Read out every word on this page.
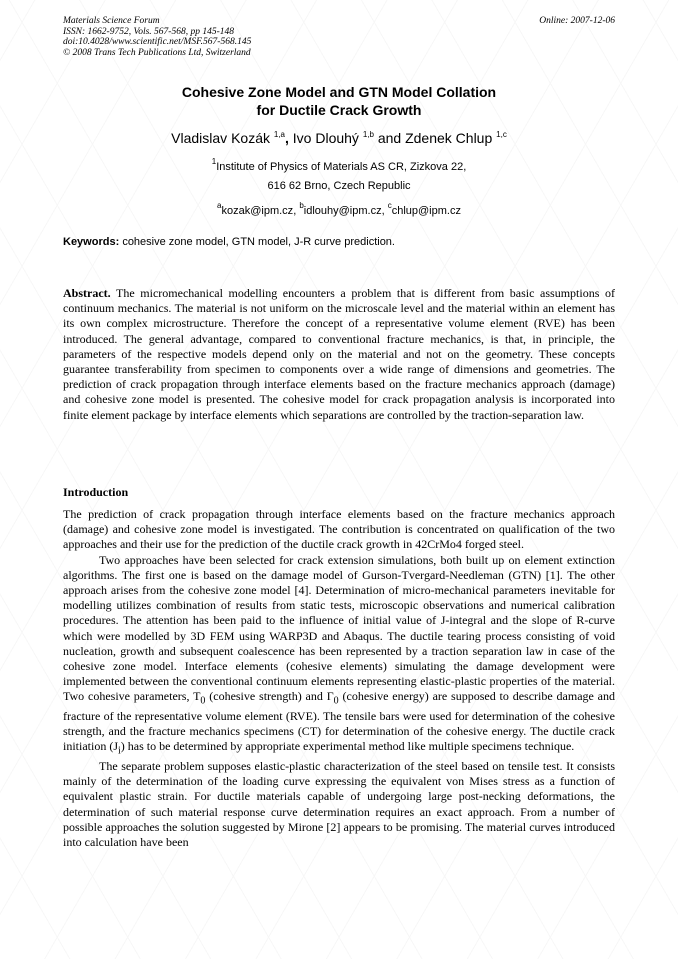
Materials Science Forum
ISSN: 1662-9752, Vols. 567-568, pp 145-148
doi:10.4028/www.scientific.net/MSF.567-568.145
© 2008 Trans Tech Publications Ltd, Switzerland
Online: 2007-12-06
Cohesive Zone Model and GTN Model Collation
for Ductile Crack Growth
Vladislav Kozák $^{1,a}$, Ivo Dlouhý $^{1,b}$ and Zdenek Chlup $^{1,c}$
$^1$Institute of Physics of Materials AS CR, Zizkova 22,
616 62 Brno, Czech Republic
$^a$kozak@ipm.cz, $^b$idlouhy@ipm.cz, $^c$chlup@ipm.cz
Keywords: cohesive zone model, GTN model, J-R curve prediction.

Abstract. The micromechanical modelling encounters a problem that is different from basic assumptions of continuum mechanics. The material is not uniform on the microscale level and the material within an element has its own complex microstructure. Therefore the concept of a representative volume element (RVE) has been introduced. The general advantage, compared to conventional fracture mechanics, is that, in principle, the parameters of the respective models depend only on the material and not on the geometry. These concepts guarantee transferability from specimen to components over a wide range of dimensions and geometries. The prediction of crack propagation through interface elements based on the fracture mechanics approach (damage) and cohesive zone model is presented. The cohesive model for crack propagation analysis is incorporated into finite element package by interface elements which separations are controlled by the traction-separation law.

Introduction

The prediction of crack propagation through interface elements based on the fracture mechanics approach (damage) and cohesive zone model is investigated. The contribution is concentrated on qualification of the two approaches and their use for the prediction of the ductile crack growth in 42CrMo4 forged steel.

Two approaches have been selected for crack extension simulations, both built up on element extinction algorithms. The first one is based on the damage model of Gurson-Tvergard-Needleman (GTN) [1]. The other approach arises from the cohesive zone model [4]. Determination of micro-mechanical parameters inevitable for modelling utilizes combination of results from static tests, microscopic observations and numerical calibration procedures. The attention has been paid to the influence of initial value of J-integral and the slope of R-curve which were modelled by 3D FEM using WARP3D and Abaqus. The ductile tearing process consisting of void nucleation, growth and subsequent coalescence has been represented by a traction separation law in case of the cohesive zone model. Interface elements (cohesive elements) simulating the damage development were implemented between the conventional continuum elements representing elastic-plastic properties of the material. Two cohesive parameters, $T_0$ (cohesive strength) and $\Gamma_0$ (cohesive energy) are supposed to describe damage and fracture of the representative volume element (RVE). The tensile bars were used for determination of the cohesive strength, and the fracture mechanics specimens (CT) for determination of the cohesive energy. The ductile crack initiation $(J_i)$ has to be determined by appropriate experimental method like multiple specimens technique.

The separate problem supposes elastic-plastic characterization of the steel based on tensile test. It consists mainly of the determination of the loading curve expressing the equivalent von Mises stress as a function of equivalent plastic strain. For ductile materials capable of undergoing large post-necking deformations, the determination of such material response curve determination requires an exact approach. From a number of possible approaches the solution suggested by Mirone [2] appears to be promising. The material curves introduced into calculation have been
